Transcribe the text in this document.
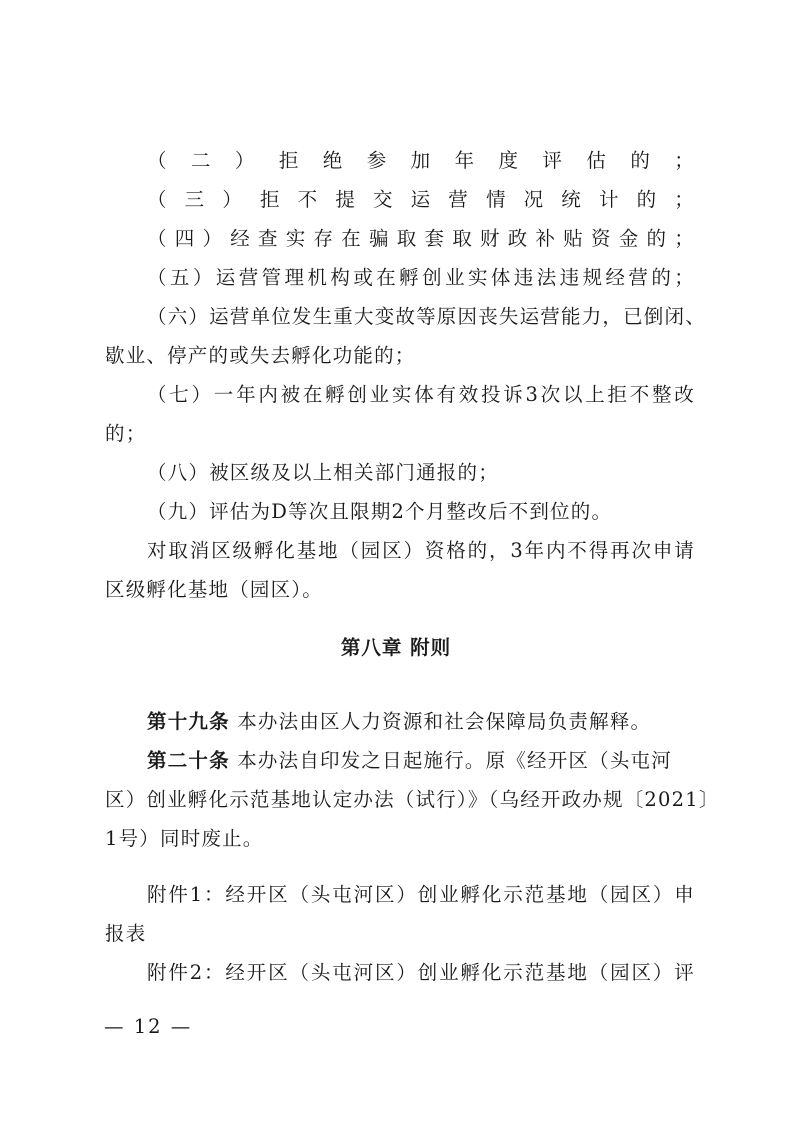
（二）拒绝参加年度评估的；
（三）拒不提交运营情况统计的；
（四）经查实存在骗取套取财政补贴资金的；
（五）运营管理机构或在孵创业实体违法违规经营的；
（六）运营单位发生重大变故等原因丧失运营能力，已倒闭、
歇业、停产的或失去孵化功能的；
（七）一年内被在孵创业实体有效投诉3次以上拒不整改
的；
（八）被区级及以上相关部门通报的；
（九）评估为D等次且限期2个月整改后不到位的。
对取消区级孵化基地（园区）资格的，3年内不得再次申请
区级孵化基地（园区）。
第八章 附则
第十九条 本办法由区人力资源和社会保障局负责解释。
第二十条 本办法自印发之日起施行。原《经开区（头屯河
区）创业孵化示范基地认定办法（试行）》（乌经开政办规〔2021〕
1号）同时废止。
附件1：经开区（头屯河区）创业孵化示范基地（园区）申
报表
附件2：经开区（头屯河区）创业孵化示范基地（园区）评
— 12 —
